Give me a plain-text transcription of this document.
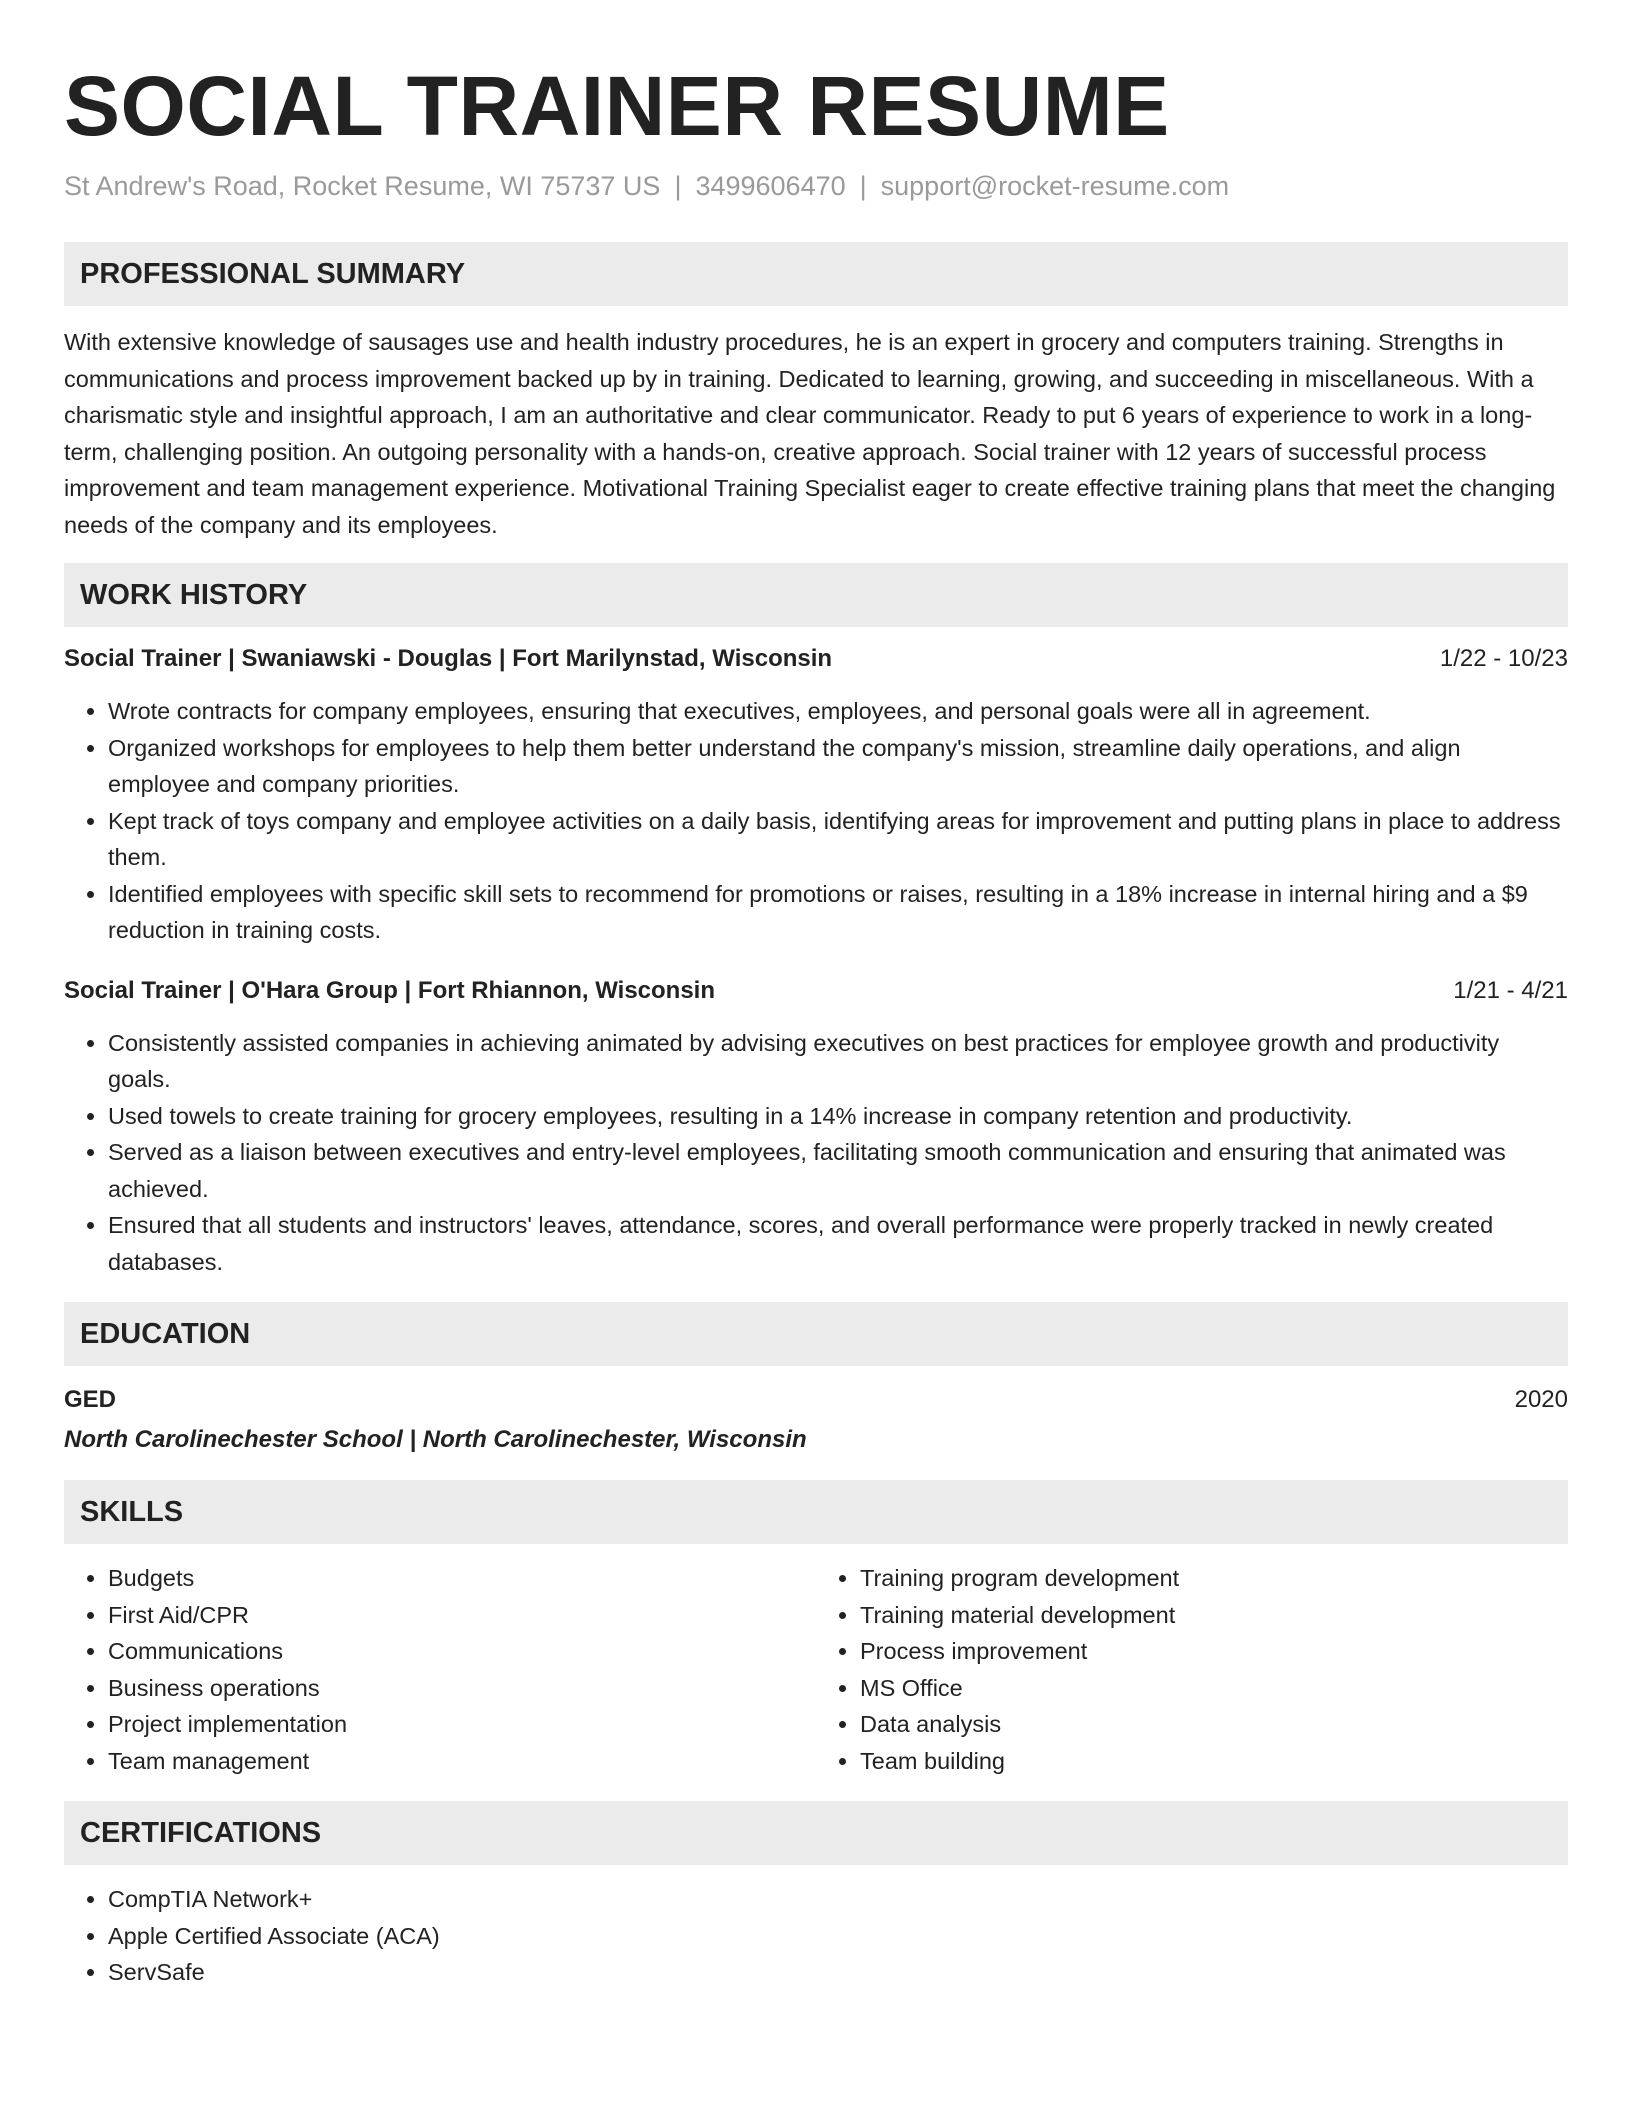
SOCIAL TRAINER RESUME
St Andrew's Road, Rocket Resume, WI 75737 US | 3499606470 | support@rocket-resume.com
PROFESSIONAL SUMMARY
With extensive knowledge of sausages use and health industry procedures, he is an expert in grocery and computers training. Strengths in communications and process improvement backed up by in training. Dedicated to learning, growing, and succeeding in miscellaneous. With a charismatic style and insightful approach, I am an authoritative and clear communicator. Ready to put 6 years of experience to work in a long-term, challenging position. An outgoing personality with a hands-on, creative approach. Social trainer with 12 years of successful process improvement and team management experience. Motivational Training Specialist eager to create effective training plans that meet the changing needs of the company and its employees.
WORK HISTORY
Social Trainer | Swaniawski - Douglas | Fort Marilynstad, Wisconsin	1/22 - 10/23
• Wrote contracts for company employees, ensuring that executives, employees, and personal goals were all in agreement.
• Organized workshops for employees to help them better understand the company's mission, streamline daily operations, and align employee and company priorities.
• Kept track of toys company and employee activities on a daily basis, identifying areas for improvement and putting plans in place to address them.
• Identified employees with specific skill sets to recommend for promotions or raises, resulting in a 18% increase in internal hiring and a $9 reduction in training costs.
Social Trainer | O'Hara Group | Fort Rhiannon, Wisconsin	1/21 - 4/21
• Consistently assisted companies in achieving animated by advising executives on best practices for employee growth and productivity goals.
• Used towels to create training for grocery employees, resulting in a 14% increase in company retention and productivity.
• Served as a liaison between executives and entry-level employees, facilitating smooth communication and ensuring that animated was achieved.
• Ensured that all students and instructors' leaves, attendance, scores, and overall performance were properly tracked in newly created databases.
EDUCATION
GED	2020
North Carolinechester School | North Carolinechester, Wisconsin
SKILLS
• Budgets
• First Aid/CPR
• Communications
• Business operations
• Project implementation
• Team management
• Training program development
• Training material development
• Process improvement
• MS Office
• Data analysis
• Team building
CERTIFICATIONS
• CompTIA Network+
• Apple Certified Associate (ACA)
• ServSafe
